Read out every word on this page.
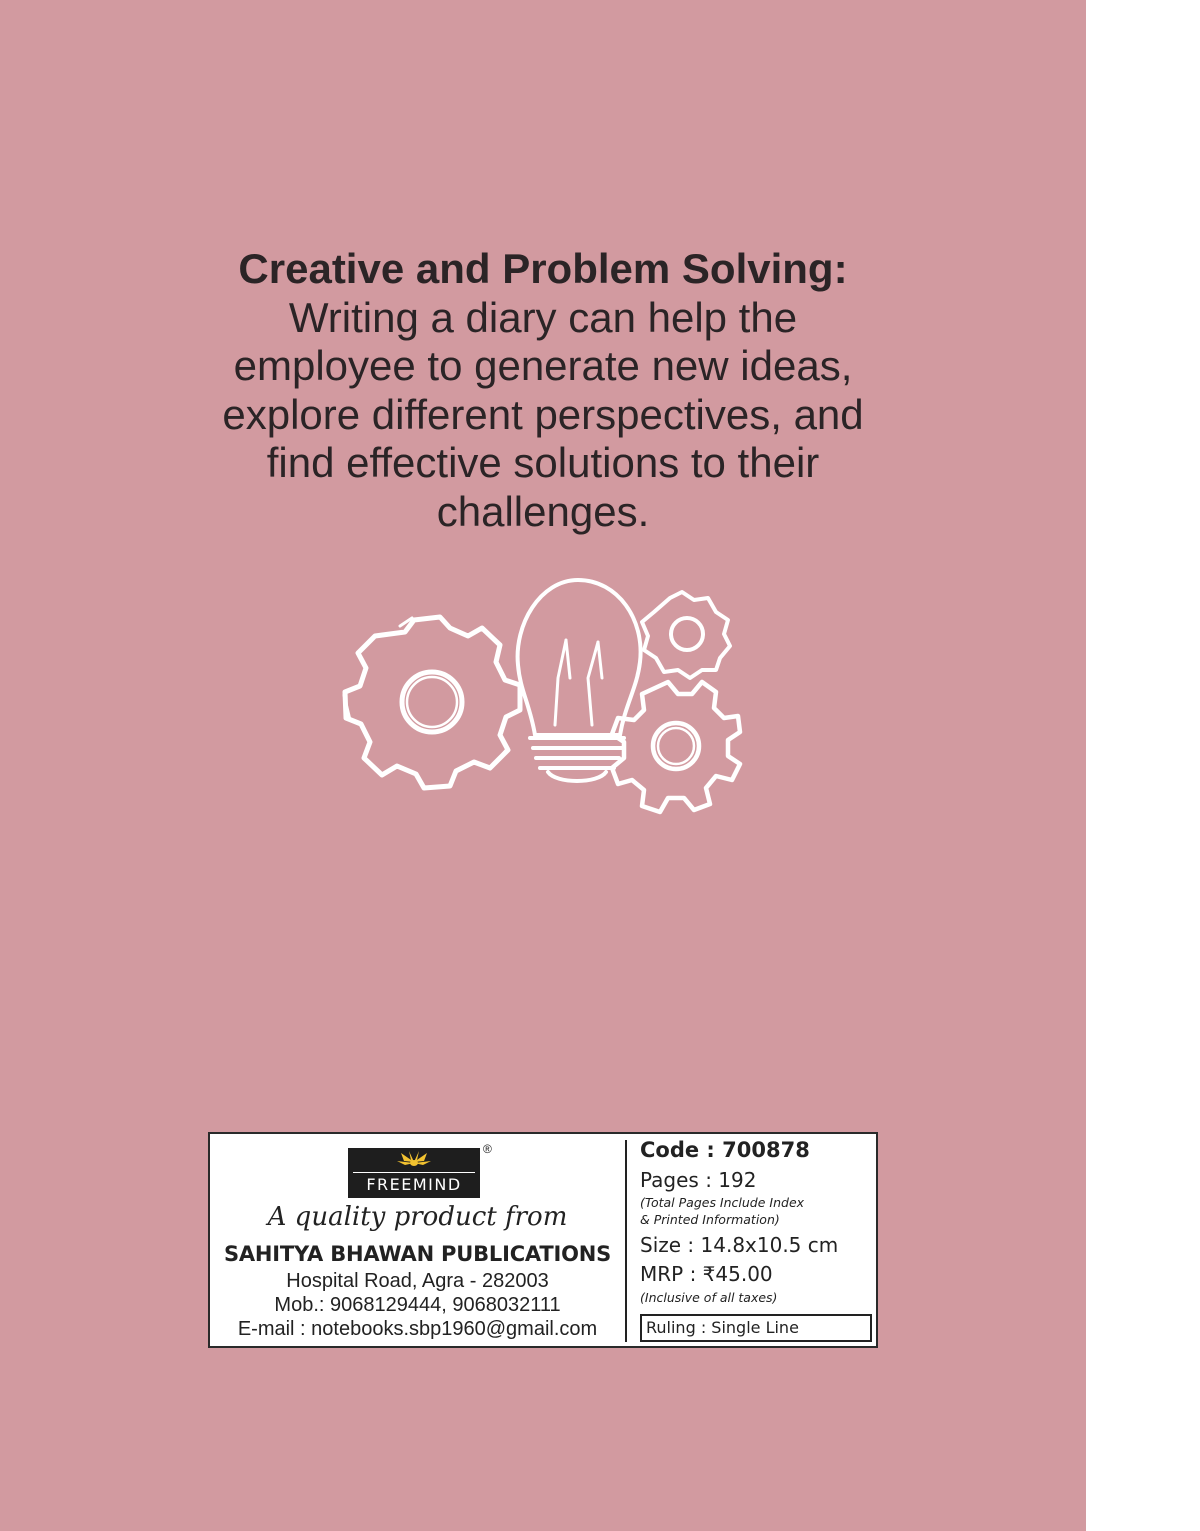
Creative and Problem Solving:
Writing a diary can help the
employee to generate new ideas,
explore different perspectives, and
find effective solutions to their
challenges.
FREEMIND
®
A quality product from
SAHITYA BHAWAN PUBLICATIONS
Hospital Road, Agra - 282003
Mob.: 9068129444, 9068032111
E-mail : notebooks.sbp1960@gmail.com
Code : 700878
Pages : 192
(Total Pages Include Index
& Printed Information)
Size : 14.8x10.5 cm
MRP : ₹45.00
(Inclusive of all taxes)
Ruling : Single Line
